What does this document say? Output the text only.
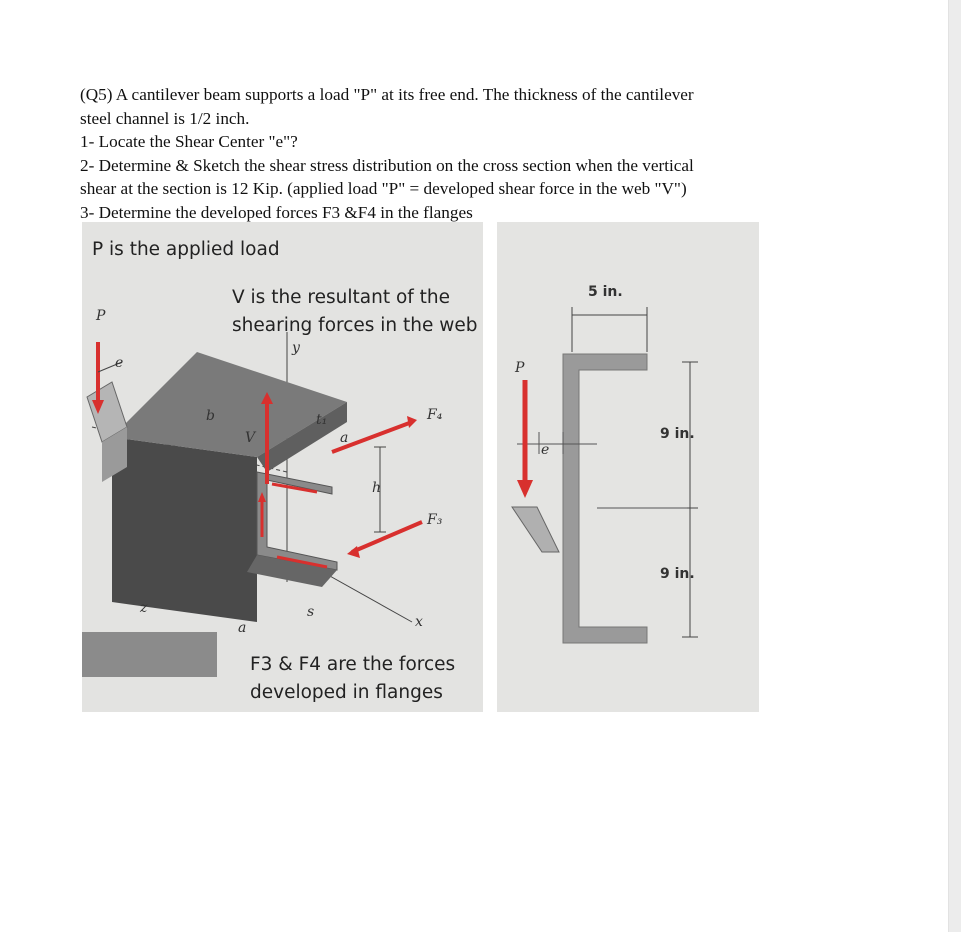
(Q5) A cantilever beam supports a load "P" at its free end. The thickness of the cantilever
steel channel is 1/2 inch.
1- Locate the Shear Center "e"?
2- Determine & Sketch the shear stress distribution on the cross section when the vertical
shear at the section is 12 Kip. (applied load "P" = developed shear force in the web "V")
3- Determine the developed forces F3 &F4 in the flanges
P is the applied load
V is the resultant of the
shearing forces in the web
F3 & F4 are the forces
developed in flanges
P
e
b	t₁
y
a
V
F₄
h
F₃
s
z
a	x
5 in.
9 in.
9 in.
P
e
